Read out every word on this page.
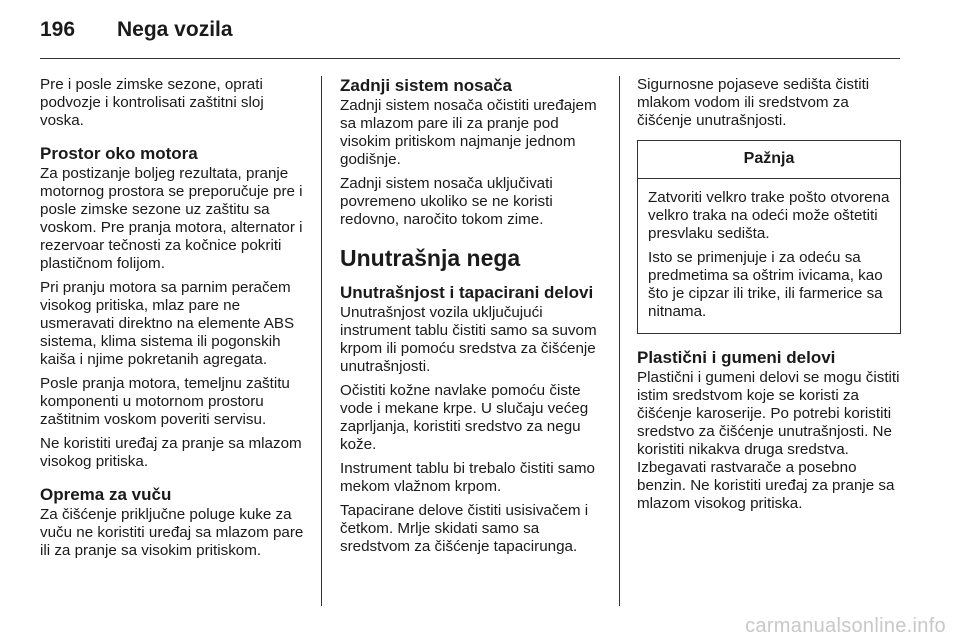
196	Nega vozila

Pre i posle zimske sezone, oprati podvozje i kontrolisati zaštitni sloj voska.

Prostor oko motora

Za postizanje boljeg rezultata, pranje motornog prostora se preporučuje pre i posle zimske sezone uz zaštitu sa voskom. Pre pranja motora, alternator i rezervoar tečnosti za kočnice pokriti plastičnom folijom.

Pri pranju motora sa parnim peračem visokog pritiska, mlaz pare ne usmeravati direktno na elemente ABS sistema, klima sistema ili pogonskih kaiša i njime pokretanih agregata.

Posle pranja motora, temeljnu zaštitu komponenti u motornom prostoru zaštitnim voskom poveriti servisu.

Ne koristiti uređaj za pranje sa mlazom visokog pritiska.

Oprema za vuču

Za čišćenje priključne poluge kuke za vuču ne koristiti uređaj sa mlazom pare ili za pranje sa visokim pritiskom.

Zadnji sistem nosača

Zadnji sistem nosača očistiti uređajem sa mlazom pare ili za pranje pod visokim pritiskom najmanje jednom godišnje.

Zadnji sistem nosača uključivati povremeno ukoliko se ne koristi redovno, naročito tokom zime.

Unutrašnja nega
Unutrašnjost i tapacirani delovi

Unutrašnjost vozila uključujući instrument tablu čistiti samo sa suvom krpom ili pomoću sredstva za čišćenje unutrašnjosti.

Očistiti kožne navlake pomoću čiste vode i mekane krpe. U slučaju većeg zaprljanja, koristiti sredstvo za negu kože.

Instrument tablu bi trebalo čistiti samo mekom vlažnom krpom.

Tapacirane delove čistiti usisivačem i četkom. Mrlje skidati samo sa sredstvom za čišćenje tapacirunga.

Sigurnosne pojaseve sedišta čistiti mlakom vodom ili sredstvom za čišćenje unutrašnjosti.

Pažnja

Zatvoriti velkro trake pošto otvorena velkro traka na odeći može oštetiti presvlaku sedišta.

Isto se primenjuje i za odeću sa predmetima sa oštrim ivicama, kao što je cipzar ili trike, ili farmerice sa nitnama.

Plastični i gumeni delovi

Plastični i gumeni delovi se mogu čistiti istim sredstvom koje se koristi za čišćenje karoserije. Po potrebi koristiti sredstvo za čišćenje unutrašnjosti. Ne koristiti nikakva druga sredstva. Izbegavati rastvarače a posebno benzin. Ne koristiti uređaj za pranje sa mlazom visokog pritiska.

carmanualsonline.info
